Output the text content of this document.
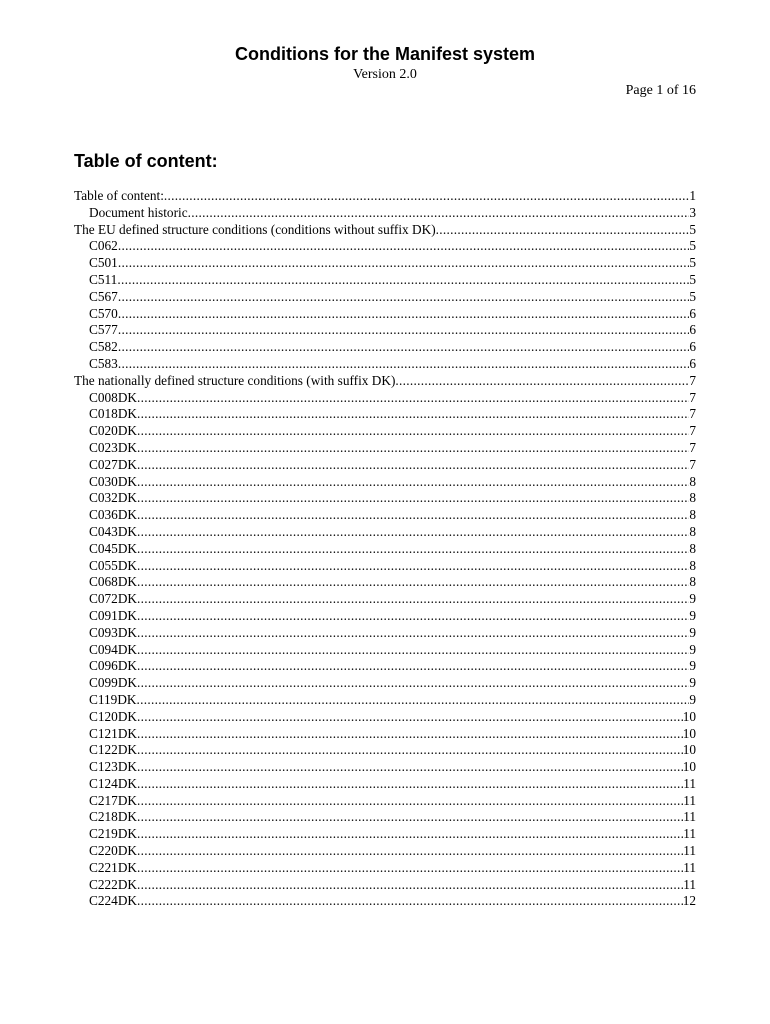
Conditions for the Manifest system
Version 2.0
Page 1 of 16
Table of content:
Table of content: .....	1
Document historic .....	3
The EU defined structure conditions (conditions without suffix DK) .....	5
C062 .....	5
C501 .....	5
C511 .....	5
C567 .....	5
C570 .....	6
C577 .....	6
C582 .....	6
C583 .....	6
The nationally defined structure conditions (with suffix DK) .....	7
C008DK .....	7
C018DK .....	7
C020DK .....	7
C023DK .....	7
C027DK .....	7
C030DK .....	8
C032DK .....	8
C036DK .....	8
C043DK .....	8
C045DK .....	8
C055DK .....	8
C068DK .....	8
C072DK .....	9
C091DK .....	9
C093DK .....	9
C094DK .....	9
C096DK .....	9
C099DK .....	9
C119DK .....	9
C120DK .....	10
C121DK .....	10
C122DK .....	10
C123DK .....	10
C124DK .....	11
C217DK .....	11
C218DK .....	11
C219DK .....	11
C220DK .....	11
C221DK .....	11
C222DK .....	11
C224DK .....	12
